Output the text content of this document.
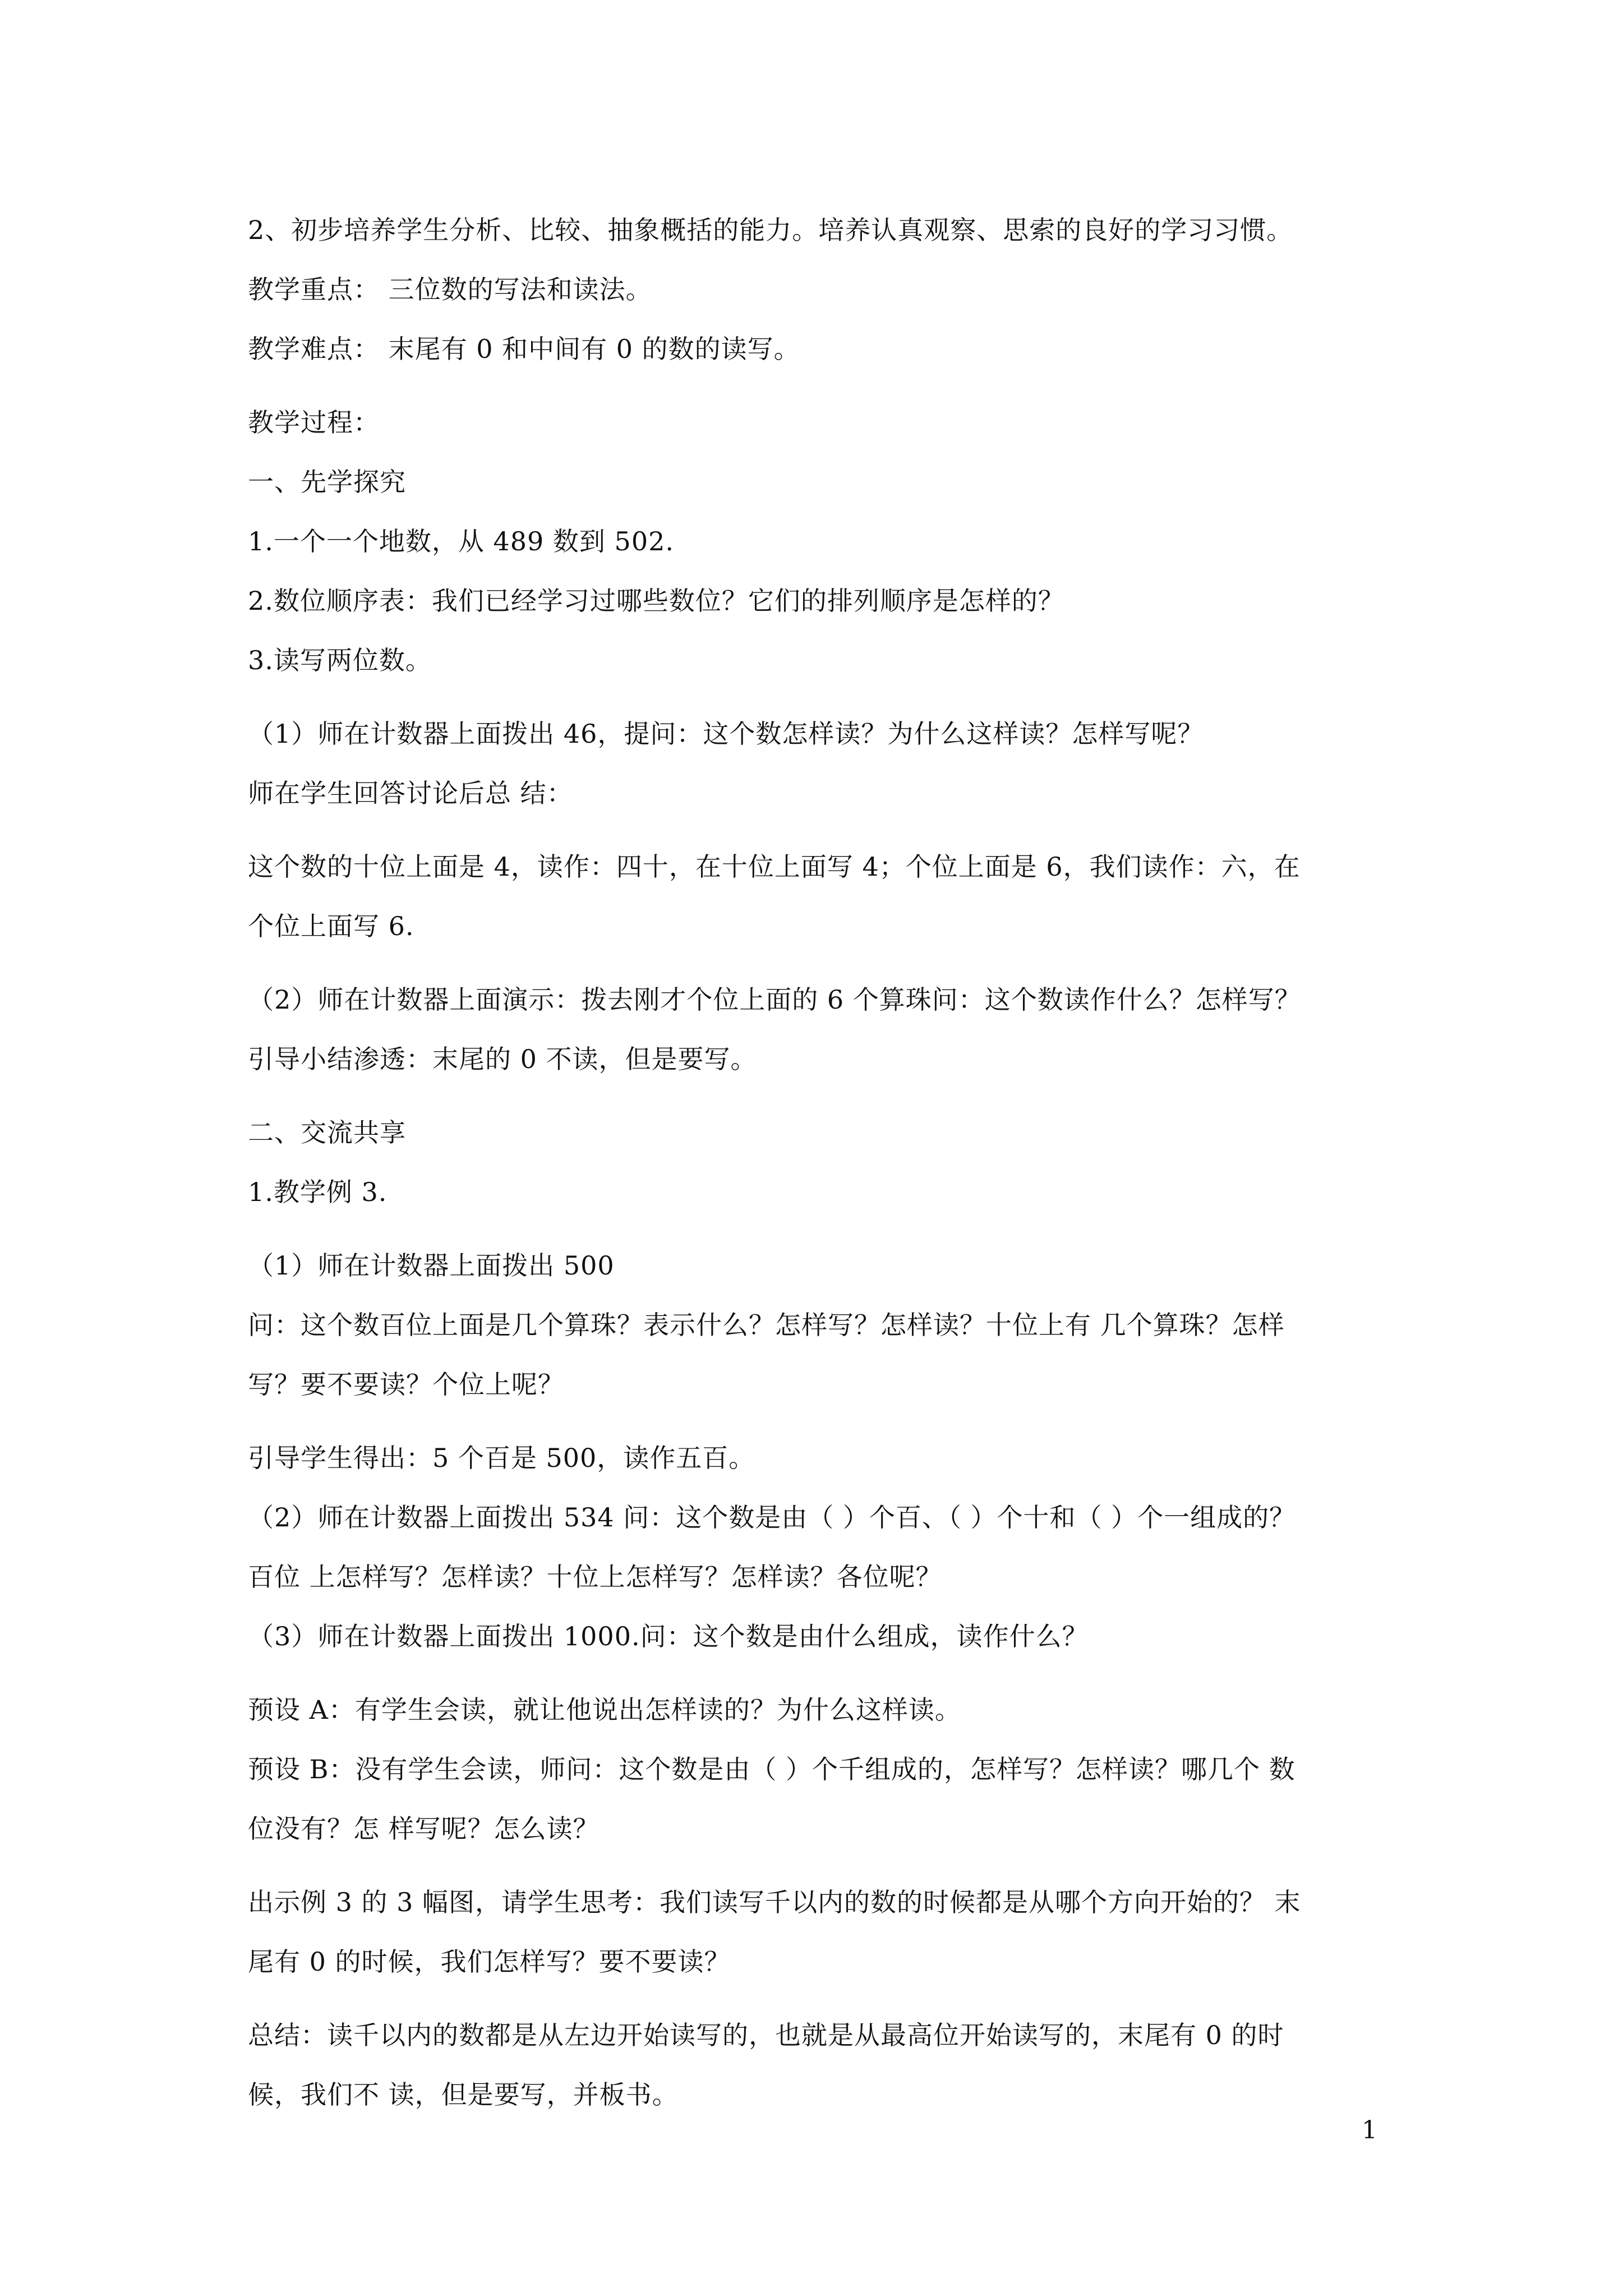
2、初步培养学生分析、比较、抽象概括的能力。培养认真观察、思索的良好的学习习惯。
教学重点： 三位数的写法和读法。
教学难点： 末尾有 0 和中间有 0 的数的读写。
教学过程：
一、先学探究
1.一个一个地数，从 489 数到 502.
2.数位顺序表：我们已经学习过哪些数位？它们的排列顺序是怎样的？
3.读写两位数。
（1）师在计数器上面拨出 46，提问：这个数怎样读？为什么这样读？怎样写呢？
师在学生回答讨论后总 结：
这个数的十位上面是 4，读作：四十，在十位上面写 4；个位上面是 6，我们读作：六，在
个位上面写 6.
（2）师在计数器上面演示：拨去刚才个位上面的 6 个算珠问：这个数读作什么？怎样写？
引导小结渗透：末尾的 0 不读，但是要写。
二、交流共享
1.教学例 3.
（1）师在计数器上面拨出 500
问：这个数百位上面是几个算珠？表示什么？怎样写？怎样读？十位上有 几个算珠？怎样
写？要不要读？个位上呢？
引导学生得出：5 个百是 500，读作五百。
（2）师在计数器上面拨出 534 问：这个数是由（ ）个百、（ ）个十和（ ）个一组成的？
百位 上怎样写？怎样读？十位上怎样写？怎样读？各位呢？
（3）师在计数器上面拨出 1000.问：这个数是由什么组成，读作什么？
预设 A：有学生会读，就让他说出怎样读的？为什么这样读。
预设 B：没有学生会读，师问：这个数是由（ ）个千组成的，怎样写？怎样读？哪几个 数
位没有？怎 样写呢？怎么读？
出示例 3 的 3 幅图，请学生思考：我们读写千以内的数的时候都是从哪个方向开始的？ 末
尾有 0 的时候，我们怎样写？要不要读？
总结：读千以内的数都是从左边开始读写的，也就是从最高位开始读写的，末尾有 0 的时
候，我们不 读，但是要写，并板书。
1
